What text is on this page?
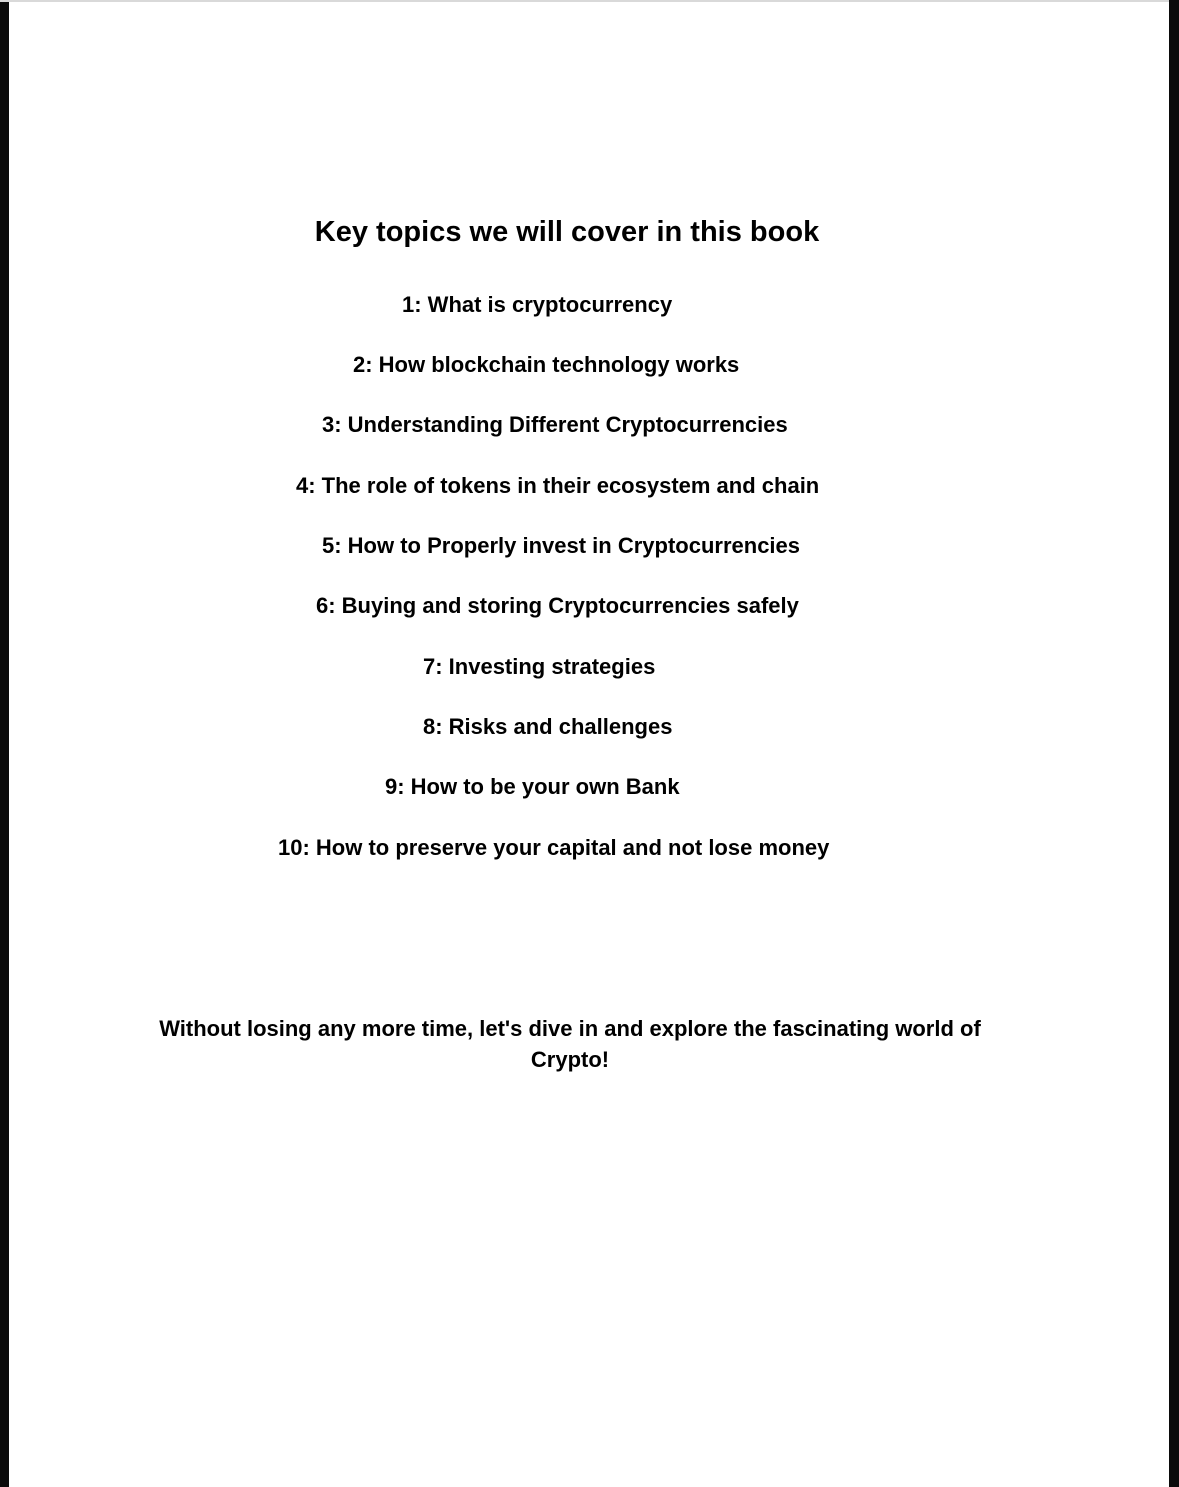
Key topics we will cover in this book
1: What is cryptocurrency
2: How blockchain technology works
3: Understanding Different Cryptocurrencies
4: The role of tokens in their ecosystem and chain
5: How to Properly invest in Cryptocurrencies
6: Buying and storing Cryptocurrencies safely
7: Investing strategies
8: Risks and challenges
9: How to be your own Bank
10: How to preserve your capital and not lose money

Without losing any more time, let's dive in and explore the fascinating world of
Crypto!
